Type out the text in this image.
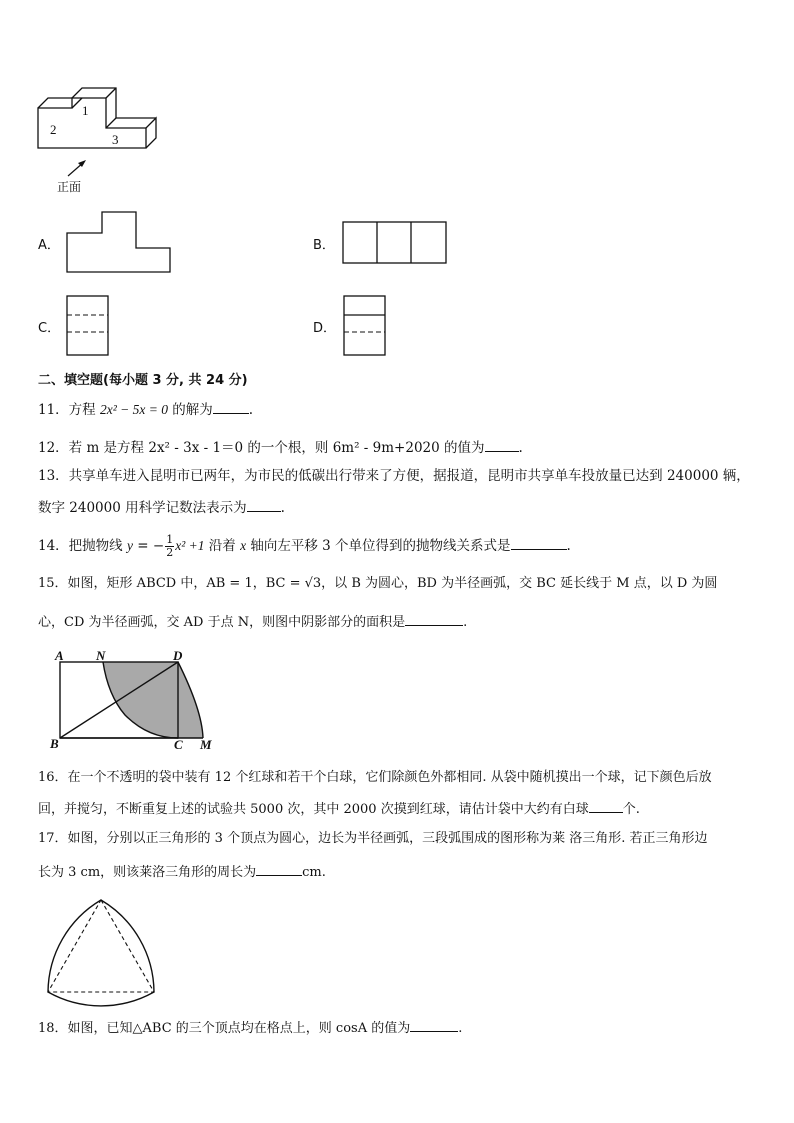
1
2
3
正面
A．	B．
C．	D．
二、填空题(每小题 3 分, 共 24 分)
11．方程 2x² − 5x = 0 的解为	.
12．若 m 是方程 2x² - 3x - 1＝0 的一个根，则 6m² - 9m+2020 的值为	.
13．共享单车进入昆明市已两年，为市民的低碳出行带来了方便，据报道，昆明市共享单车投放量已达到 240000 辆，
数字 240000 用科学记数法表示为	.
14．把抛物线 y = − $\frac{1}{2} x^2 +1$ 沿着 x 轴向左平移 3 个单位得到的抛物线关系式是	.
15．如图，矩形 ABCD 中，AB = 1，BC = √3，以 B 为圆心，BD 为半径画弧，交 BC 延长线于 M 点，以 D 为圆
心，CD 为半径画弧，交 AD 于点 N，则图中阴影部分的面积是	.
A N	D
B	C M
16．在一个不透明的袋中装有 12 个红球和若干个白球，它们除颜色外都相同. 从袋中随机摸出一个球，记下颜色后放
回，并搅匀，不断重复上述的试验共 5000 次，其中 2000 次摸到红球，请估计袋中大约有白球	个.
17．如图，分别以正三角形的 3 个顶点为圆心，边长为半径画弧，三段弧围成的图形称为莱 洛三角形. 若正三角形边
长为 3 cm，则该莱洛三角形的周长为	cm.
18．如图，已知△ABC 的三个顶点均在格点上，则 cosA 的值为	.
